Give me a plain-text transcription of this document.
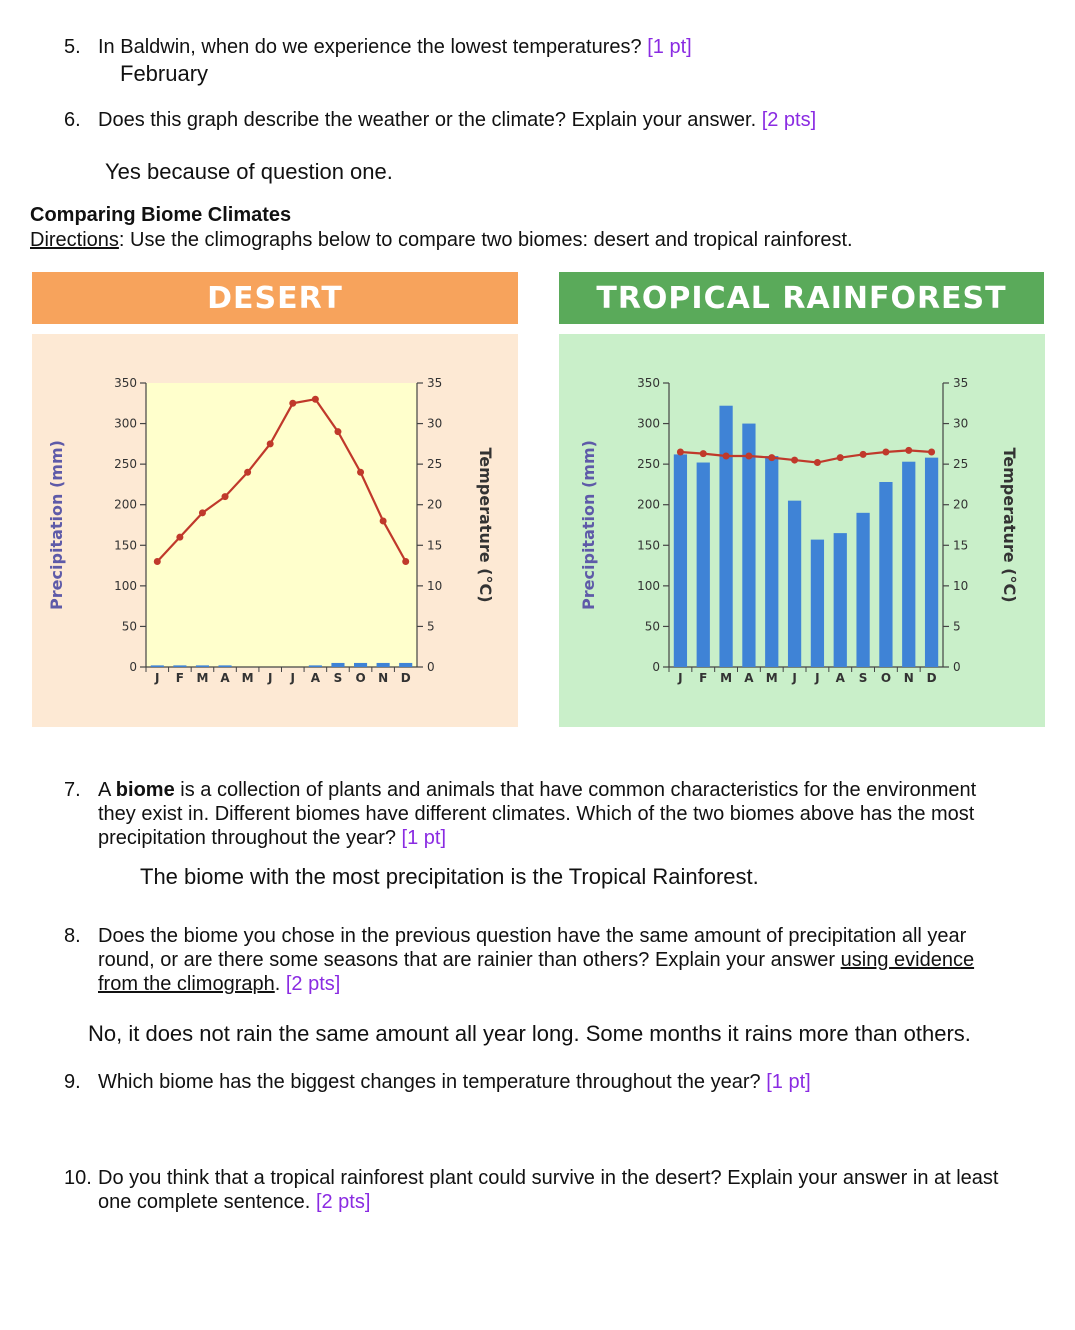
5. In Baldwin, when do we experience the lowest temperatures? [1 pt]
February
6. Does this graph describe the weather or the climate? Explain your answer. [2 pts]
Yes because of question one.
Comparing Biome Climates
Directions: Use the climographs below to compare two biomes: desert and tropical rainforest.
DESERT	TROPICAL RAINFOREST
0
50
100
150
200
250
300
350
0
5
10
15
20
25
30
35
J F M A M J J A S O N D
Precipitation (mm)	Temperature (°C)
0
50
100
150
200
250
300
350
0
5
10
15
20
25
30
35
J F M A M J J A S O N D
Precipitation (mm)	Temperature (°C)
7. A biome is a collection of plants and animals that have common characteristics for the environment
they exist in. Different biomes have different climates. Which of the two biomes above has the most
precipitation throughout the year? [1 pt]
The biome with the most precipitation is the Tropical Rainforest.
8. Does the biome you chose in the previous question have the same amount of precipitation all year
round, or are there some seasons that are rainier than others? Explain your answer using evidence
from the climograph. [2 pts]
No, it does not rain the same amount all year long. Some months it rains more than others.
9. Which biome has the biggest changes in temperature throughout the year? [1 pt]
10. Do you think that a tropical rainforest plant could survive in the desert? Explain your answer in at least
one complete sentence. [2 pts]
